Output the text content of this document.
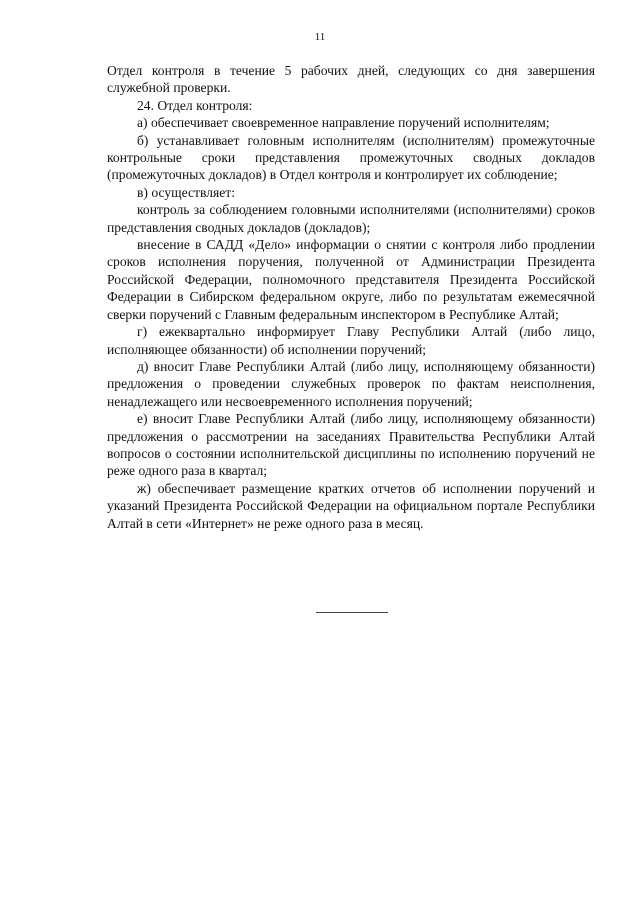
11

Отдел контроля в течение 5 рабочих дней, следующих со дня завершения служебной проверки.

24. Отдел контроля:

а) обеспечивает своевременное направление поручений исполнителям;

б) устанавливает головным исполнителям (исполнителям) промежуточные контрольные сроки представления промежуточных сводных докладов (промежуточных докладов) в Отдел контроля и контролирует их соблюдение;

в) осуществляет:

контроль за соблюдением головными исполнителями (исполнителями) сроков представления сводных докладов (докладов);

внесение в САДД «Дело» информации о снятии с контроля либо продлении сроков исполнения поручения, полученной от Администрации Президента Российской Федерации, полномочного представителя Президента Российской Федерации в Сибирском федеральном округе, либо по результатам ежемесячной сверки поручений с Главным федеральным инспектором в Республике Алтай;

г) ежеквартально информирует Главу Республики Алтай (либо лицо, исполняющее обязанности) об исполнении поручений;

д) вносит Главе Республики Алтай (либо лицу, исполняющему обязанности) предложения о проведении служебных проверок по фактам неисполнения, ненадлежащего или несвоевременного исполнения поручений;

е) вносит Главе Республики Алтай (либо лицу, исполняющему обязанности) предложения о рассмотрении на заседаниях Правительства Республики Алтай вопросов о состоянии исполнительской дисциплины по исполнению поручений не реже одного раза в квартал;

ж) обеспечивает размещение кратких отчетов об исполнении поручений и указаний Президента Российской Федерации на официальном портале Республики Алтай в сети «Интернет» не реже одного раза в месяц.
